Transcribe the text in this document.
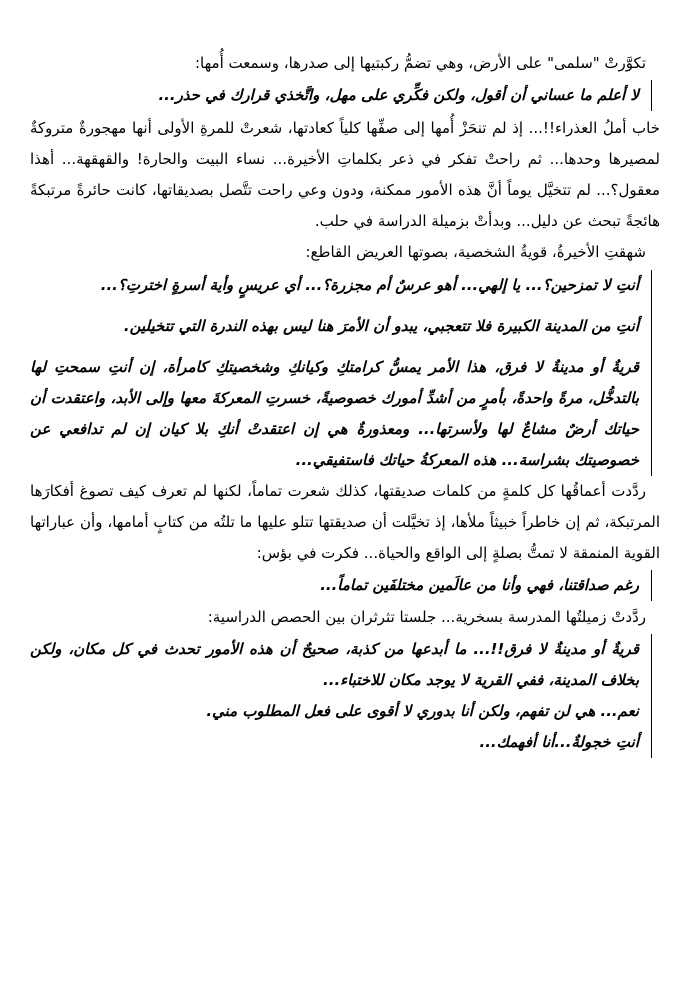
تكوَّرتْ "سلمى" على الأرض، وهي تضمُّ ركبتيها إلى صدرها، وسمعت أُمها:

لا أعلم ما عساني أن أقول، ولكن فكِّري على مهل، واتَّخذي قرارك في حذر...

خاب أملُ العذراء!!... إذ لم تنحَزْ أُمها إلى صفِّها كلياً كعادتها، شعرتْ للمرةِ الأولى أنها مهجورةٌ متروكةٌ لمصيرها وحدها... ثم راحتْ تفكر في ذعر بكلماتِ الأخيرة... نساء البيت والحارة! والقهقهة... أهذا معقول؟... لم تتخيَّل يوماً أنَّ هذه الأمور ممكنة، ودون وعي راحت تتَّصل بصديقاتها، كانت حائرةً مرتبكةً هائجةً تبحث عن دليل... وبدأتْ بزميلة الدراسة في حلب.

شهقتِ الأخيرةُ، قويةُ الشخصية، بصوتها العريض القاطع:

أنتِ لا تمزحين؟... يا إلهي... أهو عرسٌ أم مجزرة؟... أي عريسٍ وأية أسرةٍ اخترتِ؟...

أنتِ من المدينة الكبيرة فلا تتعجبي، يبدو أن الأمرَ هنا ليس بهذه الندرة التي تتخيلين.

قريةٌ أو مدينةٌ لا فرق، هذا الأمر يمسُّ كرامتكِ وكيانكِ وشخصيتكِ كامرأة، إن أنتِ سمحتِ لها بالتدخُّل، مرةً واحدةً، بأمرٍ من أشدِّ أمورك خصوصيةً، خسرتِ المعركةَ معها وإلى الأبد، واعتقدت أن حياتك أرضٌ مشاعٌ لها ولأسرتها... ومعذورةٌ هي إن اعتقدتْ أنكِ بلا كيان إن لم تدافعي عن خصوصيتك بشراسة... هذه المعركةُ حياتك فاستفيقي...

ردَّدت أعماقُها كل كلمةٍ من كلمات صديقتها، كذلك شعرت تماماً، لكنها لم تعرف كيف تصوغ أفكارَها المرتبكة، ثم إن خاطراً خبيثاً ملأها، إذ تخيَّلت أن صديقتها تتلو عليها ما تلتُه من كتابٍ أمامها، وأن عباراتها القوية المنمقة لا تمتُّ بصلةٍ إلى الواقع والحياة... فكرت في بؤس:

رغم صداقتنا، فهي وأنا من عالَمين مختلفَين تماماً...

ردَّدتْ زميلتُها المدرسة بسخرية... جلستا تثرثران بين الحصص الدراسية:

قريةٌ أو مدينةٌ لا فرق!!... ما أبدعها من كذبة، صحيحٌ أن هذه الأمور تحدث في كل مكان، ولكن بخلاف المدينة، ففي القرية لا يوجد مكان للاختباء...

نعم... هي لن تفهم، ولكن أنا بدوري لا أقوى على فعل المطلوب مني.

أنتِ خجولةٌ...أنا أفهمك...
